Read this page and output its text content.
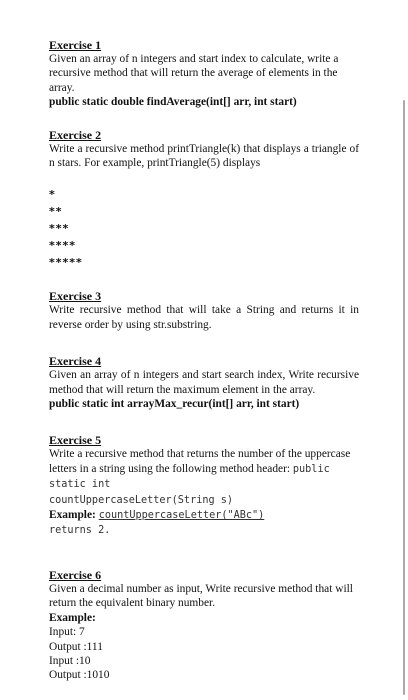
Exercise 1

Given an array of n integers and start index to calculate, write a recursive method that will return the average of elements in the array.

public static double findAverage(int[] arr, int start)

Exercise 2

Write a recursive method printTriangle(k) that displays a triangle of n stars. For example, printTriangle(5) displays

*
**
***
****
*****
Exercise 3

Write recursive method that will take a String and returns it in reverse order by using str.substring.

Exercise 4

Given an array of n integers and start search index, Write recursive method that will return the maximum element in the array.

public static int arrayMax_recur(int[] arr, int start)

Exercise 5

Write a recursive method that returns the number of the uppercase letters in a string using the following method header: public static int

countUppercaseLetter(String s)

Example: countUppercaseLetter("ABc")

returns 2.

Exercise 6

Given a decimal number as input, Write recursive method that will return the equivalent binary number.

Example:

Input: 7

Output :111

Input :10

Output :1010
